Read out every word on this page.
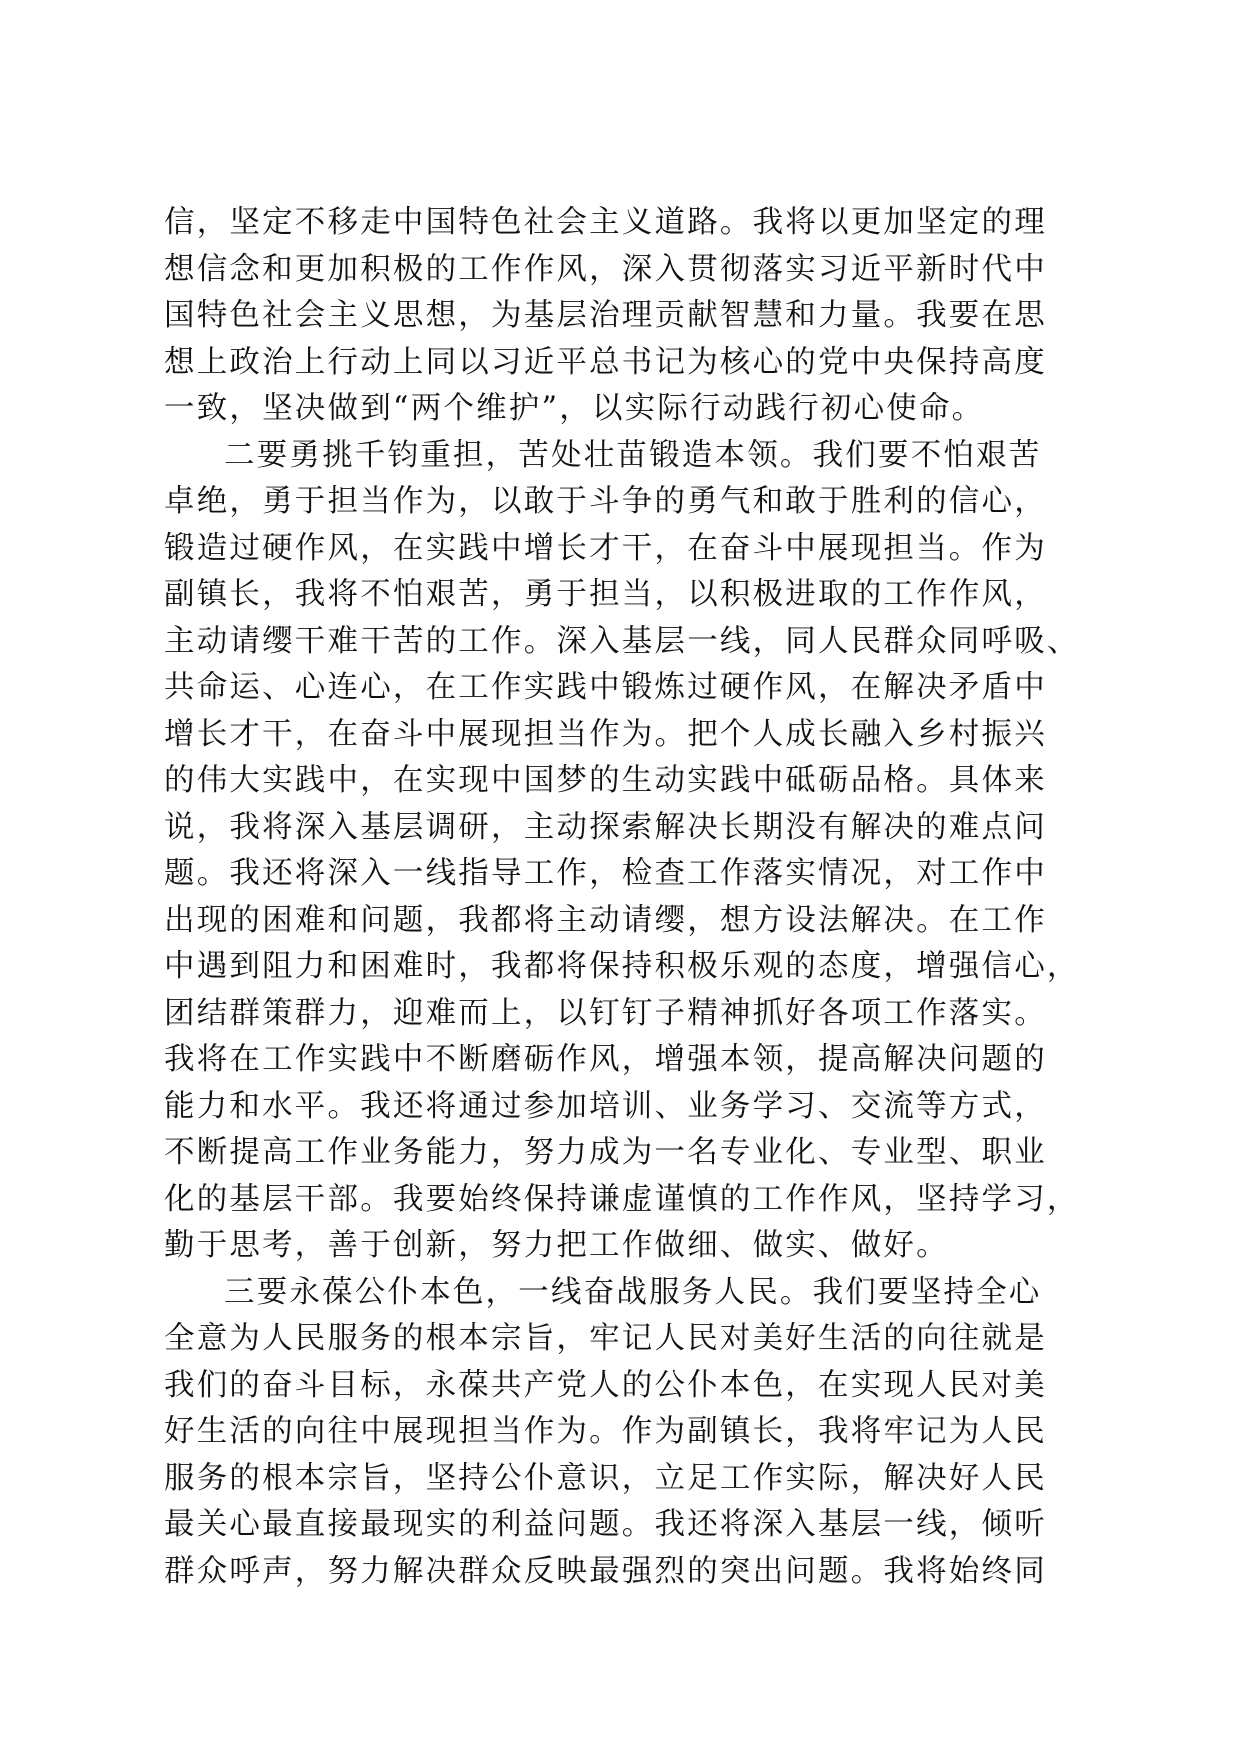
信，坚定不移走中国特色社会主义道路。我将以更加坚定的理
想信念和更加积极的工作作风，深入贯彻落实习近平新时代中
国特色社会主义思想，为基层治理贡献智慧和力量。我要在思
想上政治上行动上同以习近平总书记为核心的党中央保持高度
一致，坚决做到“两个维护”，以实际行动践行初心使命。
二要勇挑千钧重担，苦处壮苗锻造本领。我们要不怕艰苦
卓绝，勇于担当作为，以敢于斗争的勇气和敢于胜利的信心，
锻造过硬作风，在实践中增长才干，在奋斗中展现担当。作为
副镇长，我将不怕艰苦，勇于担当，以积极进取的工作作风，
主动请缨干难干苦的工作。深入基层一线，同人民群众同呼吸、
共命运、心连心，在工作实践中锻炼过硬作风，在解决矛盾中
增长才干，在奋斗中展现担当作为。把个人成长融入乡村振兴
的伟大实践中，在实现中国梦的生动实践中砥砺品格。具体来
说，我将深入基层调研，主动探索解决长期没有解决的难点问
题。我还将深入一线指导工作，检查工作落实情况，对工作中
出现的困难和问题，我都将主动请缨，想方设法解决。在工作
中遇到阻力和困难时，我都将保持积极乐观的态度，增强信心，
团结群策群力，迎难而上，以钉钉子精神抓好各项工作落实。
我将在工作实践中不断磨砺作风，增强本领，提高解决问题的
能力和水平。我还将通过参加培训、业务学习、交流等方式，
不断提高工作业务能力，努力成为一名专业化、专业型、职业
化的基层干部。我要始终保持谦虚谨慎的工作作风，坚持学习，
勤于思考，善于创新，努力把工作做细、做实、做好。
三要永葆公仆本色，一线奋战服务人民。我们要坚持全心
全意为人民服务的根本宗旨，牢记人民对美好生活的向往就是
我们的奋斗目标，永葆共产党人的公仆本色，在实现人民对美
好生活的向往中展现担当作为。作为副镇长，我将牢记为人民
服务的根本宗旨，坚持公仆意识，立足工作实际，解决好人民
最关心最直接最现实的利益问题。我还将深入基层一线，倾听
群众呼声，努力解决群众反映最强烈的突出问题。我将始终同
